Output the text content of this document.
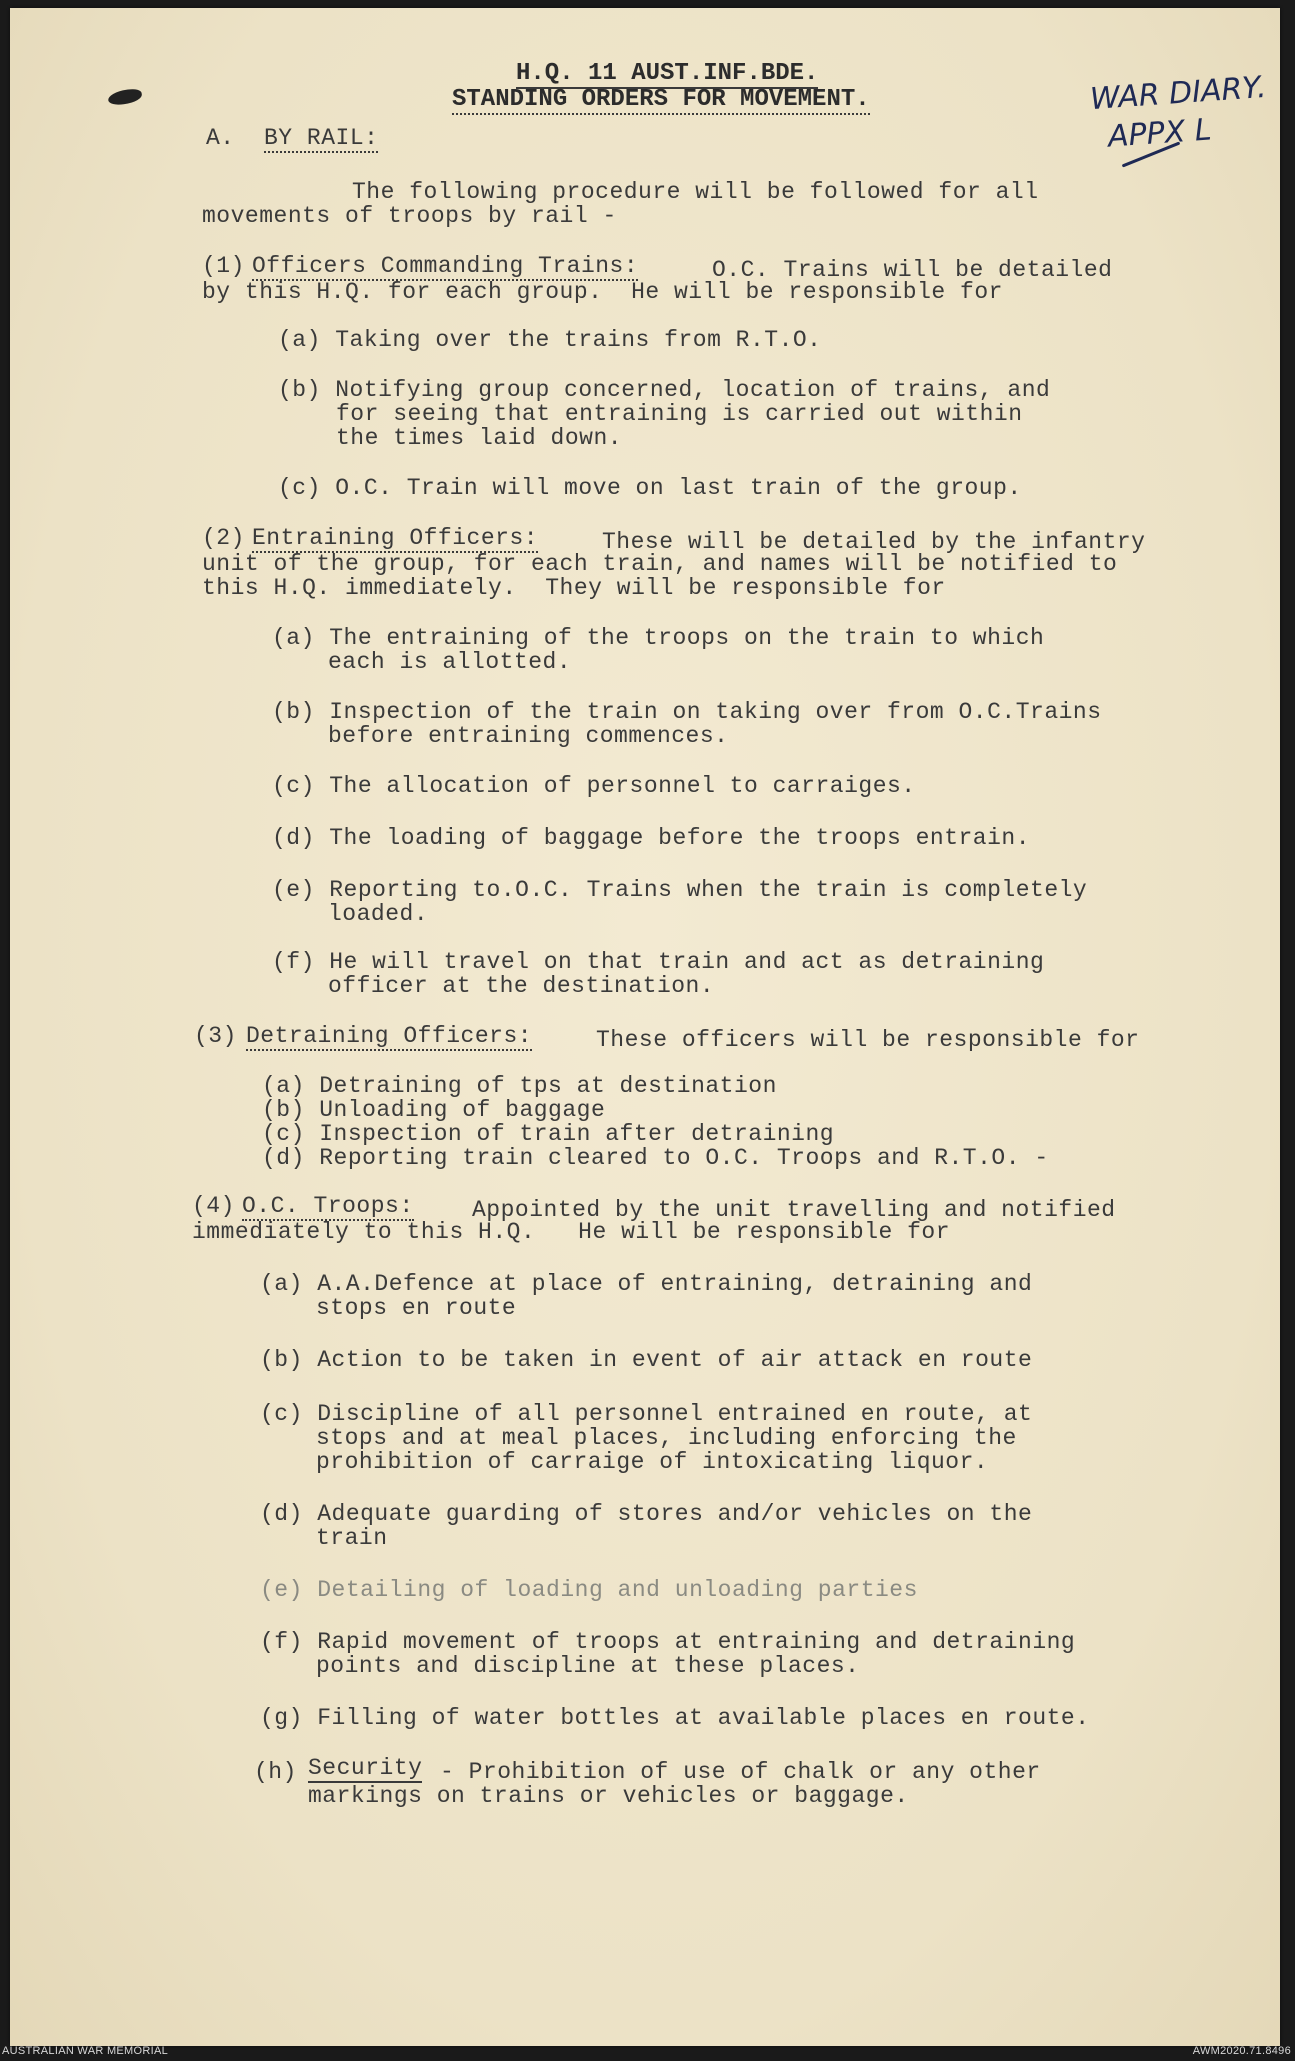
H.Q. 11 AUST.INF.BDE.
STANDING ORDERS FOR MOVEMENT.	WAR DIARY.
APPX L
A. BY RAIL:
The following procedure will be followed for all
movements of troops by rail -
(1) Officers Commanding Trains:	O.C. Trains will be detailed
by this H.Q. for each group.  He will be responsible for
(a) Taking over the trains from R.T.O.
(b) Notifying group concerned, location of trains, and
for seeing that entraining is carried out within
the times laid down.
(c) O.C. Train will move on last train of the group.
(2) Entraining Officers:	These will be detailed by the infantry
unit of the group, for each train, and names will be notified to
this H.Q. immediately.  They will be responsible for
(a) The entraining of the troops on the train to which
each is allotted.
(b) Inspection of the train on taking over from O.C.Trains
before entraining commences.
(c) The allocation of personnel to carraiges.
(d) The loading of baggage before the troops entrain.
(e) Reporting to.O.C. Trains when the train is completely
loaded.
(f) He will travel on that train and act as detraining
officer at the destination.
(3) Detraining Officers:	These officers will be responsible for
(a) Detraining of tps at destination
(b) Unloading of baggage
(c) Inspection of train after detraining
(d) Reporting train cleared to O.C. Troops and R.T.O. -
(4) O.C. Troops:	Appointed by the unit travelling and notified
immediately to this H.Q.   He will be responsible for
(a) A.A.Defence at place of entraining, detraining and
stops en route
(b) Action to be taken in event of air attack en route
(c) Discipline of all personnel entrained en route, at
stops and at meal places, including enforcing the
prohibition of carraige of intoxicating liquor.
(d) Adequate guarding of stores and/or vehicles on the
train
(e) Detailing of loading and unloading parties
(f) Rapid movement of troops at entraining and detraining
points and discipline at these places.
(g) Filling of water bottles at available places en route.
(h) Security - Prohibition of use of chalk or any other
markings on trains or vehicles or baggage.
AUSTRALIAN WAR MEMORIAL	AWM2020.71.8496
